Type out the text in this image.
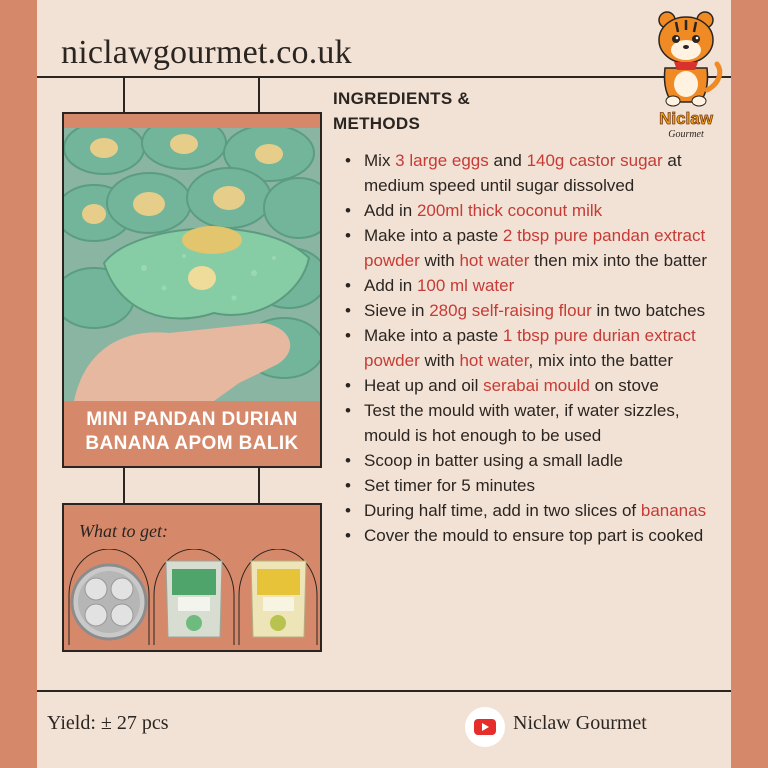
niclawgourmet.co.uk
MINI PANDAN DURIAN
BANANA APOM BALIK
What to get:
INGREDIENTS &
METHODS
• Mix 3 large eggs and 140g castor sugar at medium speed until sugar dissolved
• Add in 200ml thick coconut milk
• Make into a paste 2 tbsp pure pandan extract powder with hot water then mix into the batter
• Add in 100 ml water
• Sieve in 280g self-raising flour in two batches
• Make into a paste 1 tbsp pure durian extract powder with hot water, mix into the batter
• Heat up and oil serabai mould on stove
• Test the mould with water, if water sizzles, mould is hot enough to be used
• Scoop in batter using a small ladle
• Set timer for 5 minutes
• During half time, add in two slices of bananas
• Cover the mould to ensure top part is cooked
Yield: ± 27 pcs	Niclaw Gourmet
Niclaw
Gourmet
